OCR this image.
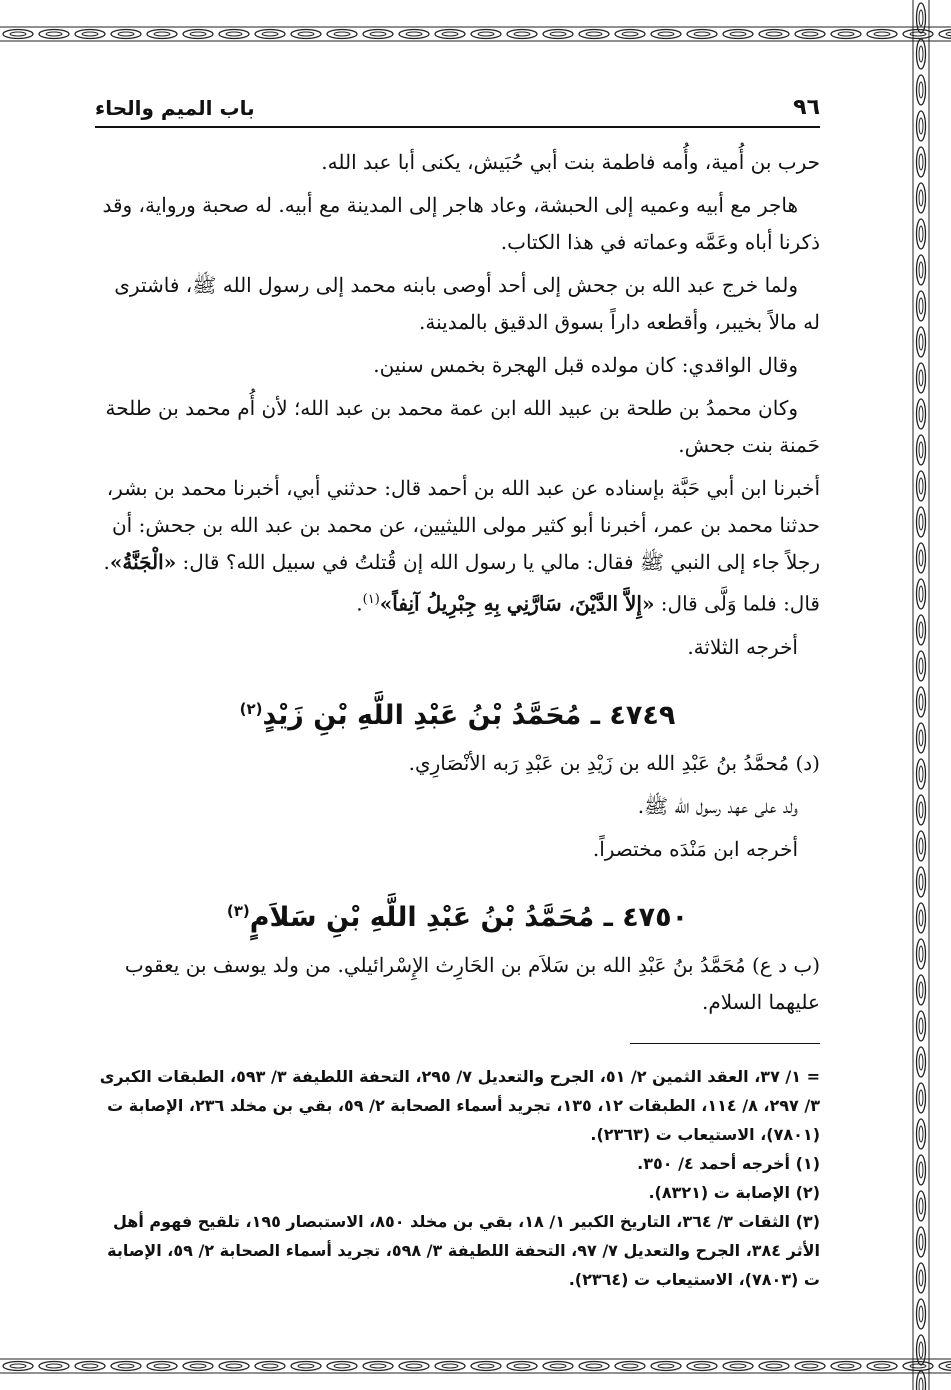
٩٦
باب الميم والحاء

حرب بن أُمية، وأُمه فاطمة بنت أبي حُبَيش، يكنى أبا عبد الله.

هاجر مع أبيه وعميه إلى الحبشة، وعاد هاجر إلى المدينة مع أبيه. له صحبة ورواية، وقد ذكرنا أباه وعَمَّه وعماته في هذا الكتاب.

ولما خرج عبد الله بن جحش إلى أحد أوصى بابنه محمد إلى رسول الله ﷺ، فاشترى له مالاً بخيبر، وأقطعه داراً بسوق الدقيق بالمدينة.

وقال الواقدي: كان مولده قبل الهجرة بخمس سنين.

وكان محمدُ بن طلحة بن عبيد الله ابن عمة محمد بن عبد الله؛ لأن أُم محمد بن طلحة حَمنة بنت جحش.

أخبرنا ابن أبي حَبَّة بإسناده عن عبد الله بن أحمد قال: حدثني أبي، أخبرنا محمد بن بشر، حدثنا محمد بن عمر، أخبرنا أبو كثير مولى الليثيين، عن محمد بن عبد الله بن جحش: أن رجلاً جاء إلى النبي ﷺ فقال: مالي يا رسول الله إن قُتلتُ في سبيل الله؟ قال: «الْجَنَّةُ». قال: فلما وَلَّى قال: «إِلاَّ الدَّيْنَ، سَارَّنِي بِهِ جِبْرِيلُ آنِفاً»$^{(١)}$.

أخرجه الثلاثة.

٤٧٤٩ ـ مُحَمَّدُ بْنُ عَبْدِ اللَّهِ بْنِ زَيْدٍ$^{(٢)}$

(د) مُحمَّدُ بنُ عَبْدِ الله بن زَيْدِ بن عَبْدِ رَبه الأنْصَارِي.

ولد على عهد رسول الله ﷺ.

أخرجه ابن مَنْدَه مختصراً.

٤٧٥٠ ـ مُحَمَّدُ بْنُ عَبْدِ اللَّهِ بْنِ سَلاَمٍ$^{(٣)}$

(ب د ع) مُحَمَّدُ بنُ عَبْدِ الله بن سَلاَم بن الحَارِث الإِسْرائيلي. من ولد يوسف بن يعقوب عليهما السلام.

= ١/ ٣٧، العقد الثمين ٢/ ٥١، الجرح والتعديل ٧/ ٢٩٥، التحفة اللطيفة ٣/ ٥٩٣، الطبقات الكبرى ٣/ ٢٩٧، ٨/ ١١٤، الطبقات ١٢، ١٣٥، تجريد أسماء الصحابة ٢/ ٥٩، بقي بن مخلد ٢٣٦، الإصابة ت (٧٨٠١)، الاستيعاب ت (٢٣٦٣).

(١) أخرجه أحمد ٤/ ٣٥٠.

(٢) الإصابة ت (٨٣٢١).

(٣) الثقات ٣/ ٣٦٤، التاريخ الكبير ١/ ١٨، بقي بن مخلد ٨٥٠، الاستبصار ١٩٥، تلقيح فهوم أهل الأثر ٣٨٤، الجرح والتعديل ٧/ ٩٧، التحفة اللطيفة ٣/ ٥٩٨، تجريد أسماء الصحابة ٢/ ٥٩، الإصابة ت (٧٨٠٣)، الاستيعاب ت (٢٣٦٤).
